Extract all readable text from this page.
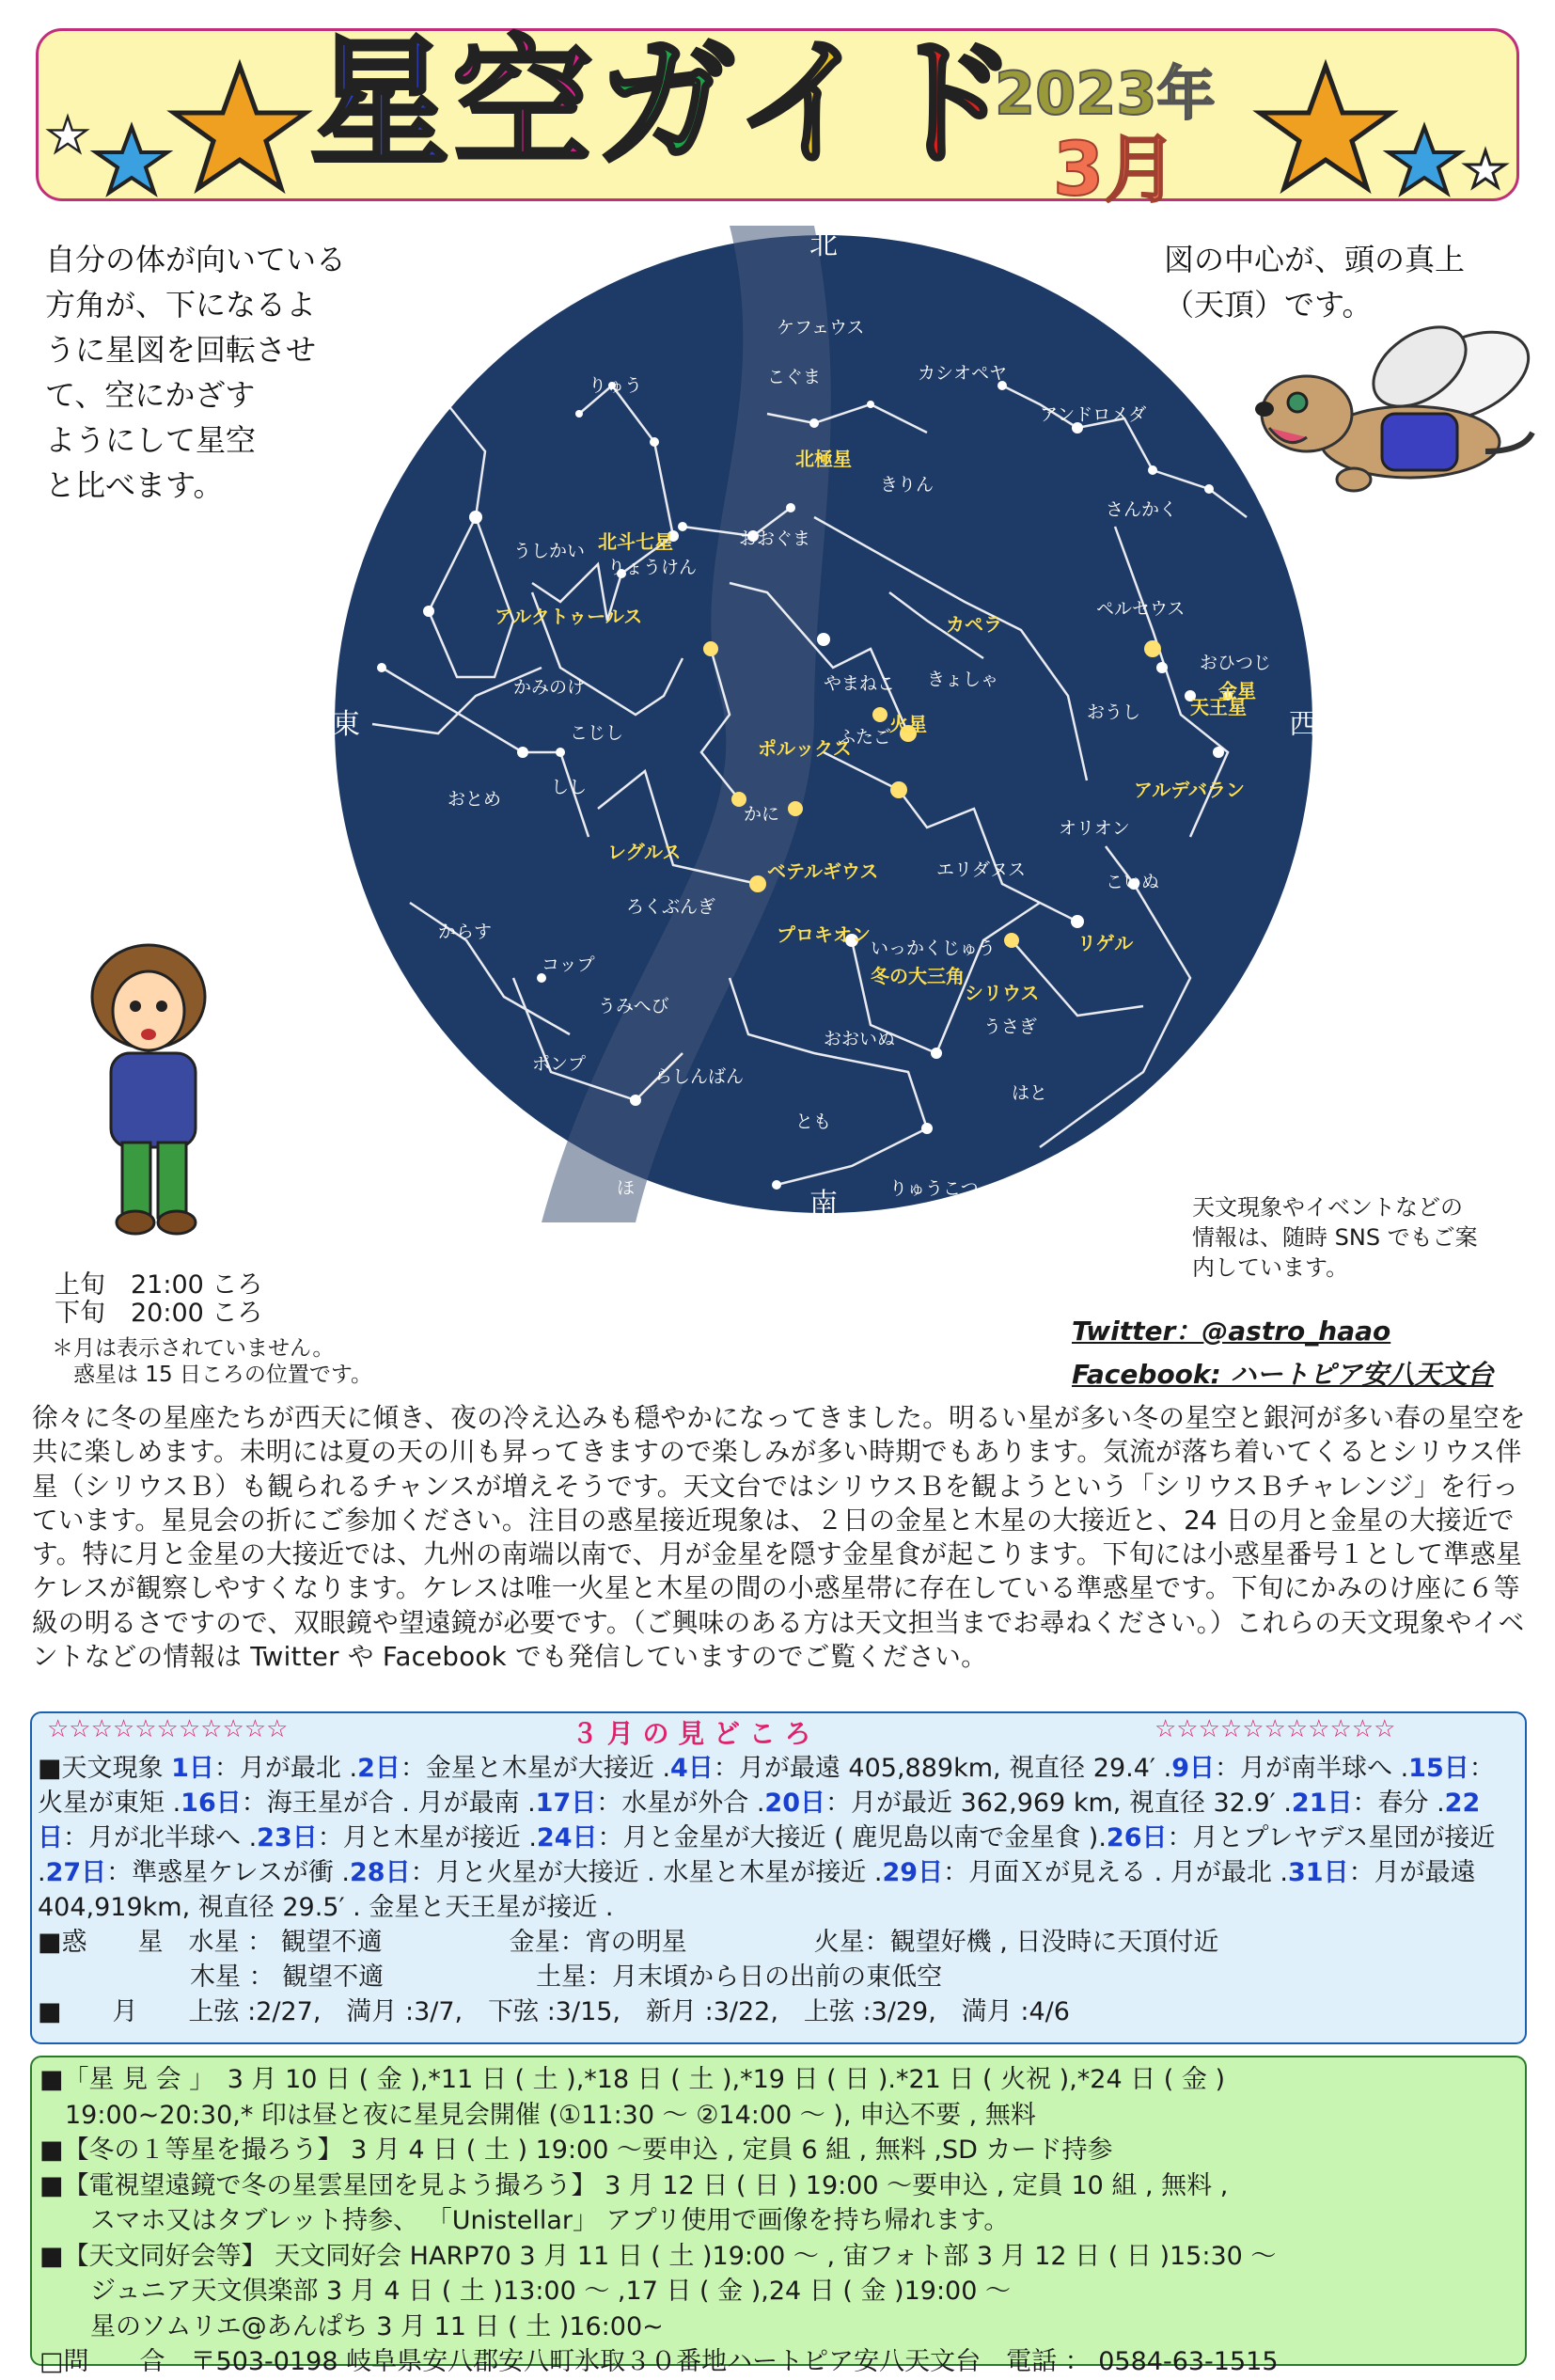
星空ガイド
2023年
3月
自分の体が向いている
方角が、下になるよ
うに星図を回転させ
て、空にかざす
ようにして星空
と比べます。
図の中心が、頭の真上
（天頂）です。
ケフェウス
りゅう	こぐま	カシオペヤ
アンドロメダ
北極星
きりん
さんかく
うしかい 北斗七星	おおぐま
りょうけん
ペルセウス
アルクトゥールス	カペラ
おひつじ
かみのけ	きょしゃ
やまねこ
おうし	天王星
金星
こじし	ふたご
火星
しし
ポルックス
アルデバラン
おとめ
かに
オリオン
レグルス
こいぬ
ベテルギウス	エリダヌス
ろくぶんぎ
プロキオン
いっかくじゅう
からす
冬の大三角
リゲル
コップ
シリウス
うみへび
おおいぬ
うさぎ
ポンプ
らしんばん
はと
とも
ほ	りゅうこつ
北
南
東	西
天文現象やイベントなどの
情報は、随時 SNS でもご案
内しています。
上旬　21:00 ころ
下旬　20:00 ころ
＊月は表示されていません。
　惑星は 15 日ころの位置です。
Twitter：@astro_haao
Facebook: ハートピア安八天文台
徐々に冬の星座たちが西天に傾き、夜の冷え込みも穏やかになってきました。明るい星が多い冬の星空と銀河が多い春の星空を共に楽しめます。未明には夏の天の川も昇ってきますので楽しみが多い時期でもあります。気流が落ち着いてくるとシリウス伴星（シリウスＢ）も観られるチャンスが増えそうです。天文台ではシリウスＢを観ようという「シリウスＢチャレンジ」を行っています。星見会の折にご参加ください。注目の惑星接近現象は、２日の金星と木星の大接近と、24 日の月と金星の大接近です。特に月と金星の大接近では、九州の南端以南で、月が金星を隠す金星食が起こります。下旬には小惑星番号１として準惑星ケレスが観察しやすくなります。ケレスは唯一火星と木星の間の小惑星帯に存在している準惑星です。下旬にかみのけ座に６等級の明るさですので、双眼鏡や望遠鏡が必要です。（ご興味のある方は天文担当までお尋ねください。）これらの天文現象やイベントなどの情報は Twitter や Facebook でも発信していますのでご覧ください。
☆☆☆☆☆☆☆☆☆☆☆	３ 月 の 見 ど こ ろ	☆☆☆☆☆☆☆☆☆☆☆
■天文現象 1日：月が最北 .2日：金星と木星が大接近 .4日：月が最遠 405,889km, 視直径 29.4′ .9日：月が南半球へ .15日：火星が東矩 .16日：海王星が合 . 月が最南 .17日：水星が外合 .20日：月が最近 362,969 km, 視直径 32.9′ .21日：春分 .22日：月が北半球へ .23日：月と木星が接近 .24日：月と金星が大接近 ( 鹿児島以南で金星食 ).26日：月とプレヤデス星団が接近 .27日：準惑星ケレスが衝 .28日：月と火星が大接近 . 水星と木星が接近 .29日：月面Ｘが見える . 月が最北 .31日：月が最遠 404,919km, 視直径 29.5′ . 金星と天王星が接近 .
■惑　　星　水星 ： 観望不適　　　　　金星：宵の明星　　　　　火星：観望好機 , 日没時に天頂付近
　　　　　　木星 ： 観望不適　　　　　　土星：月末頃から日の出前の東低空
■　　月　　上弦 :2/27,　満月 :3/7,　下弦 :3/15,　新月 :3/22,　上弦 :3/29,　満月 :4/6
■「星 見 会 」　3 月 10 日 ( 金 ),*11 日 ( 土 ),*18 日 ( 土 ),*19 日 ( 日 ).*21 日 ( 火祝 ),*24 日 ( 金 )
　19:00~20:30,* 印は昼と夜に星見会開催 (①11:30 〜 ②14:00 〜 ), 申込不要 , 無料
■【冬の１等星を撮ろう】 3 月 4 日 ( 土 ) 19:00 〜要申込 , 定員 6 組 , 無料 ,SD カード持参
■【電視望遠鏡で冬の星雲星団を見よう撮ろう】 3 月 12 日 ( 日 ) 19:00 〜要申込 , 定員 10 組 , 無料 ,
　　スマホ又はタブレット持参、 「Unistellar」 アプリ使用で画像を持ち帰れます。
■【天文同好会等】 天文同好会 HARP70 3 月 11 日 ( 土 )19:00 〜 , 宙フォト部 3 月 12 日 ( 日 )15:30 〜
　　ジュニア天文倶楽部 3 月 4 日 ( 土 )13:00 〜 ,17 日 ( 金 ),24 日 ( 金 )19:00 〜
　　星のソムリエ@あんぱち 3 月 11 日 ( 土 )16:00~
□問　　合　〒503-0198 岐阜県安八郡安八町氷取３０番地ハートピア安八天文台　電話 ： 0584-63-1515
